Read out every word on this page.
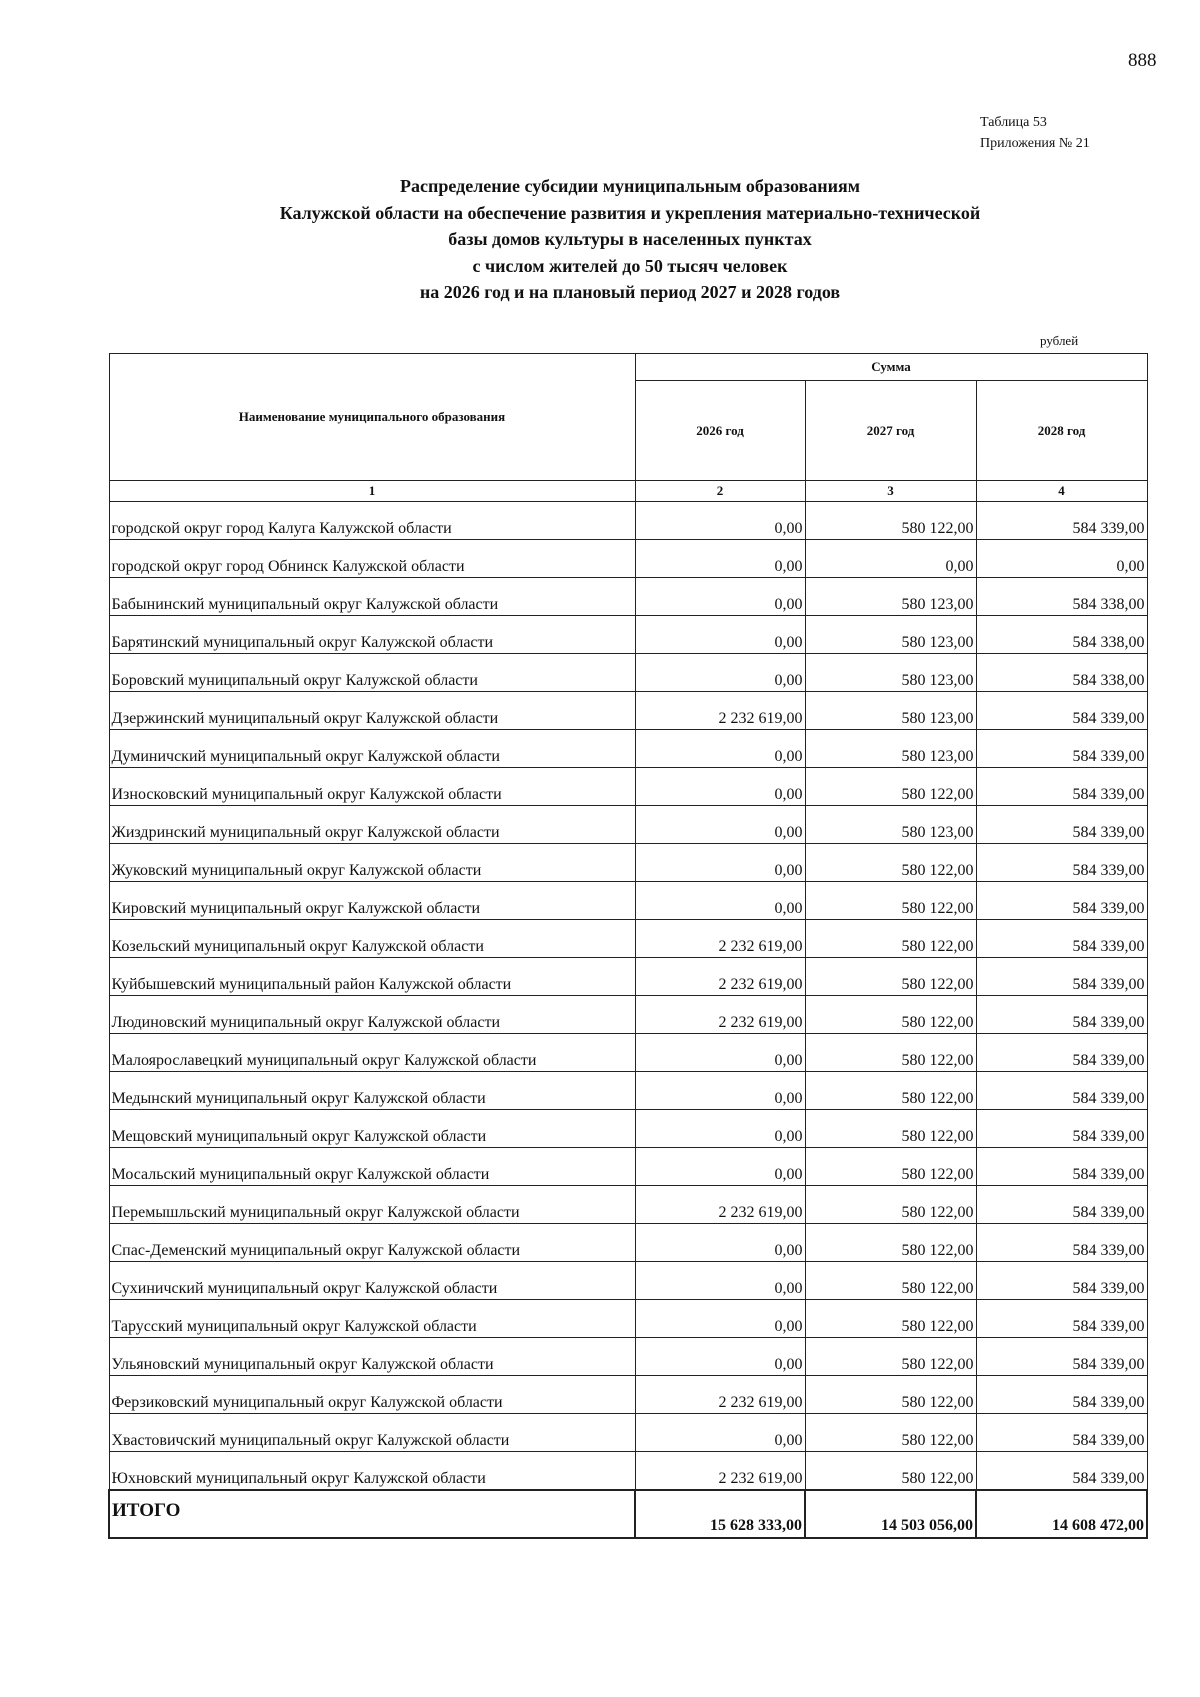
888
Таблица 53
Приложения № 21
Распределение субсидии муниципальным образованиям
Калужской области на обеспечение развития и укрепления материально-технической
базы домов культуры в населенных пунктах
с числом жителей до 50 тысяч человек
на 2026 год и на плановый период 2027 и 2028 годов
рублей
Наименование муниципального образования	Сумма		
	2026 год	2027 год	2028 год
1	2	3	4
городской округ город Калуга Калужской области	0,00	580 122,00	584 339,00
городской округ город Обнинск Калужской области	0,00	0,00	0,00
Бабынинский муниципальный округ Калужской области	0,00	580 123,00	584 338,00
Барятинский муниципальный округ Калужской области	0,00	580 123,00	584 338,00
Боровский муниципальный округ Калужской области	0,00	580 123,00	584 338,00
Дзержинский муниципальный округ Калужской области	2 232 619,00	580 123,00	584 339,00
Думиничский муниципальный округ Калужской области	0,00	580 123,00	584 339,00
Износковский муниципальный округ Калужской области	0,00	580 122,00	584 339,00
Жиздринский муниципальный округ Калужской области	0,00	580 123,00	584 339,00
Жуковский муниципальный округ Калужской области	0,00	580 122,00	584 339,00
Кировский муниципальный округ Калужской области	0,00	580 122,00	584 339,00
Козельский муниципальный округ Калужской области	2 232 619,00	580 122,00	584 339,00
Куйбышевский муниципальный район Калужской области	2 232 619,00	580 122,00	584 339,00
Людиновский муниципальный округ Калужской области	2 232 619,00	580 122,00	584 339,00
Малоярославецкий муниципальный округ Калужской области	0,00	580 122,00	584 339,00
Медынский муниципальный округ Калужской области	0,00	580 122,00	584 339,00
Мещовский муниципальный округ Калужской области	0,00	580 122,00	584 339,00
Мосальский муниципальный округ Калужской области	0,00	580 122,00	584 339,00
Перемышльский муниципальный округ Калужской области	2 232 619,00	580 122,00	584 339,00
Спас-Деменский муниципальный округ Калужской области	0,00	580 122,00	584 339,00
Сухиничский муниципальный округ Калужской области	0,00	580 122,00	584 339,00
Тарусский муниципальный округ Калужской области	0,00	580 122,00	584 339,00
Ульяновский муниципальный округ Калужской области	0,00	580 122,00	584 339,00
Ферзиковский муниципальный округ Калужской области	2 232 619,00	580 122,00	584 339,00
Хвастовичский муниципальный округ Калужской области	0,00	580 122,00	584 339,00
Юхновский муниципальный округ Калужской области	2 232 619,00	580 122,00	584 339,00
ИТОГО	15 628 333,00	14 503 056,00	14 608 472,00
